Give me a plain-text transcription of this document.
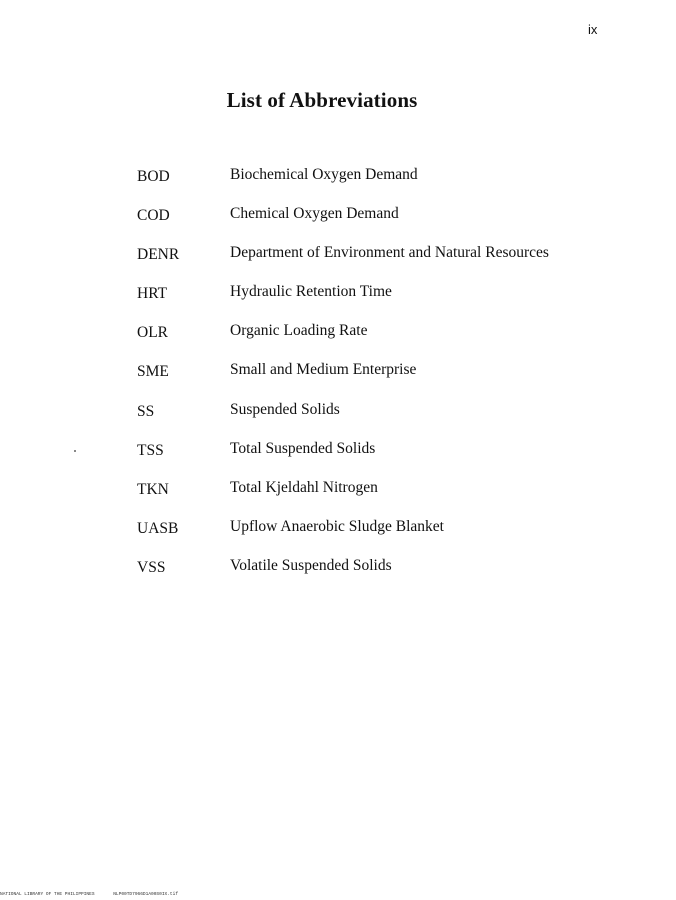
ix
List of Abbreviations
BOD	Biochemical Oxygen Demand
COD	Chemical Oxygen Demand
DENR	Department of Environment and Natural Resources
HRT	Hydraulic Retention Time
OLR	Organic Loading Rate
SME	Small and Medium Enterprise
SS	Suspended Solids
TSS	Total Suspended Solids
TKN	Total Kjeldahl Nitrogen
UASB	Upflow Anaerobic Sludge Blanket
VSS	Volatile Suspended Solids
NATIONAL LIBRARY OF THE PHILIPPINES	NLP00TD7966D1A00S0IX.tif
